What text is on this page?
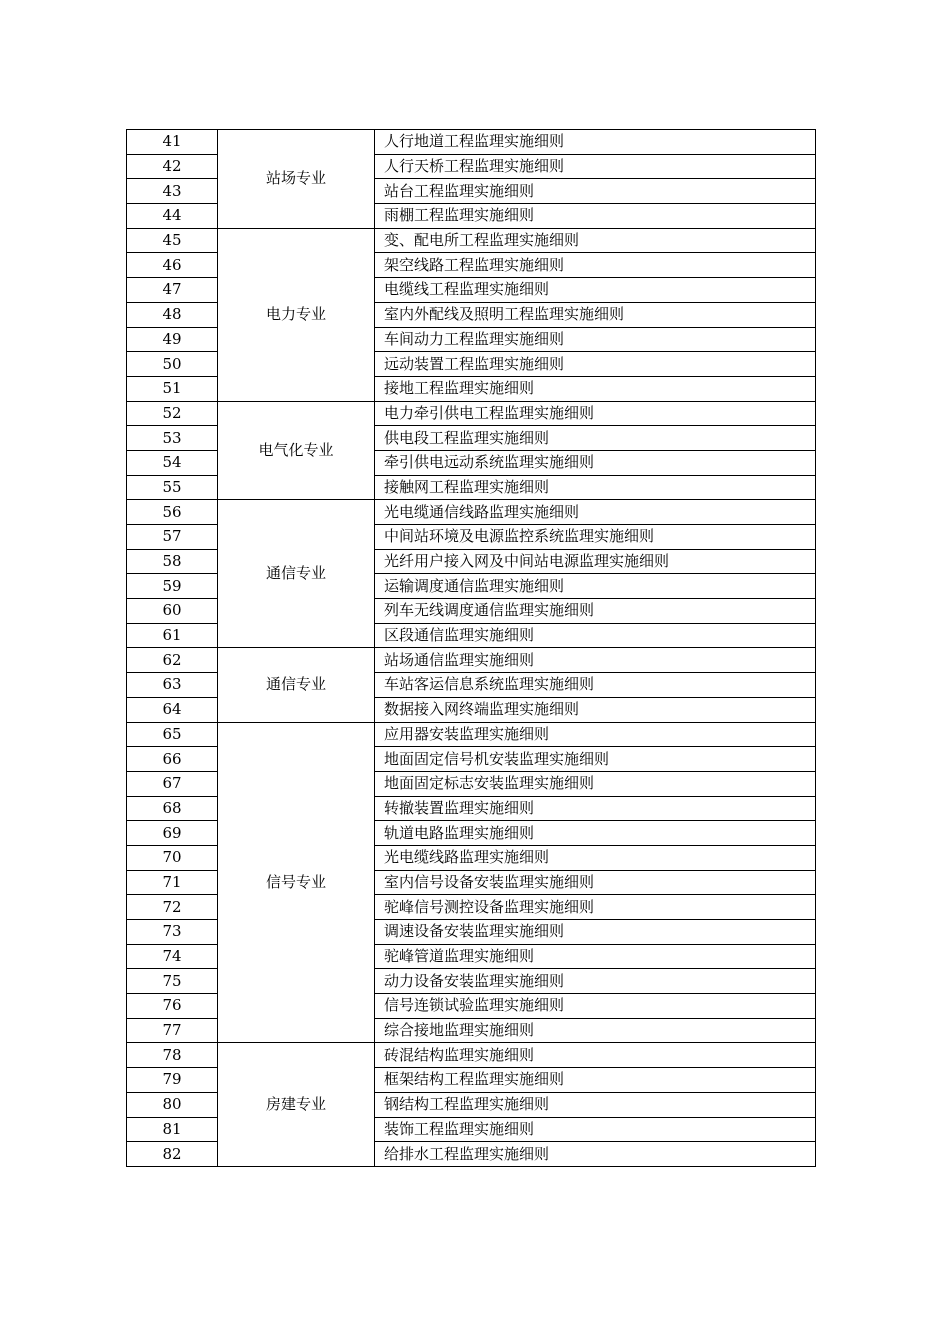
41	站场专业	人行地道工程监理实施细则
42		人行天桥工程监理实施细则
43		站台工程监理实施细则
44		雨棚工程监理实施细则
45	电力专业	变、配电所工程监理实施细则
46		架空线路工程监理实施细则
47		电缆线工程监理实施细则
48		室内外配线及照明工程监理实施细则
49		车间动力工程监理实施细则
50		远动装置工程监理实施细则
51		接地工程监理实施细则
52	电气化专业	电力牵引供电工程监理实施细则
53		供电段工程监理实施细则
54		牵引供电远动系统监理实施细则
55		接触网工程监理实施细则
56	通信专业	光电缆通信线路监理实施细则
57		中间站环境及电源监控系统监理实施细则
58		光纤用户接入网及中间站电源监理实施细则
59		运输调度通信监理实施细则
60		列车无线调度通信监理实施细则
61		区段通信监理实施细则
62	通信专业	站场通信监理实施细则
63		车站客运信息系统监理实施细则
64		数据接入网终端监理实施细则
65	信号专业	应用器安装监理实施细则
66		地面固定信号机安装监理实施细则
67		地面固定标志安装监理实施细则
68		转撤装置监理实施细则
69		轨道电路监理实施细则
70		光电缆线路监理实施细则
71		室内信号设备安装监理实施细则
72		驼峰信号测控设备监理实施细则
73		调速设备安装监理实施细则
74		驼峰管道监理实施细则
75		动力设备安装监理实施细则
76		信号连锁试验监理实施细则
77		综合接地监理实施细则
78	房建专业	砖混结构监理实施细则
79		框架结构工程监理实施细则
80		钢结构工程监理实施细则
81		装饰工程监理实施细则
82		给排水工程监理实施细则
